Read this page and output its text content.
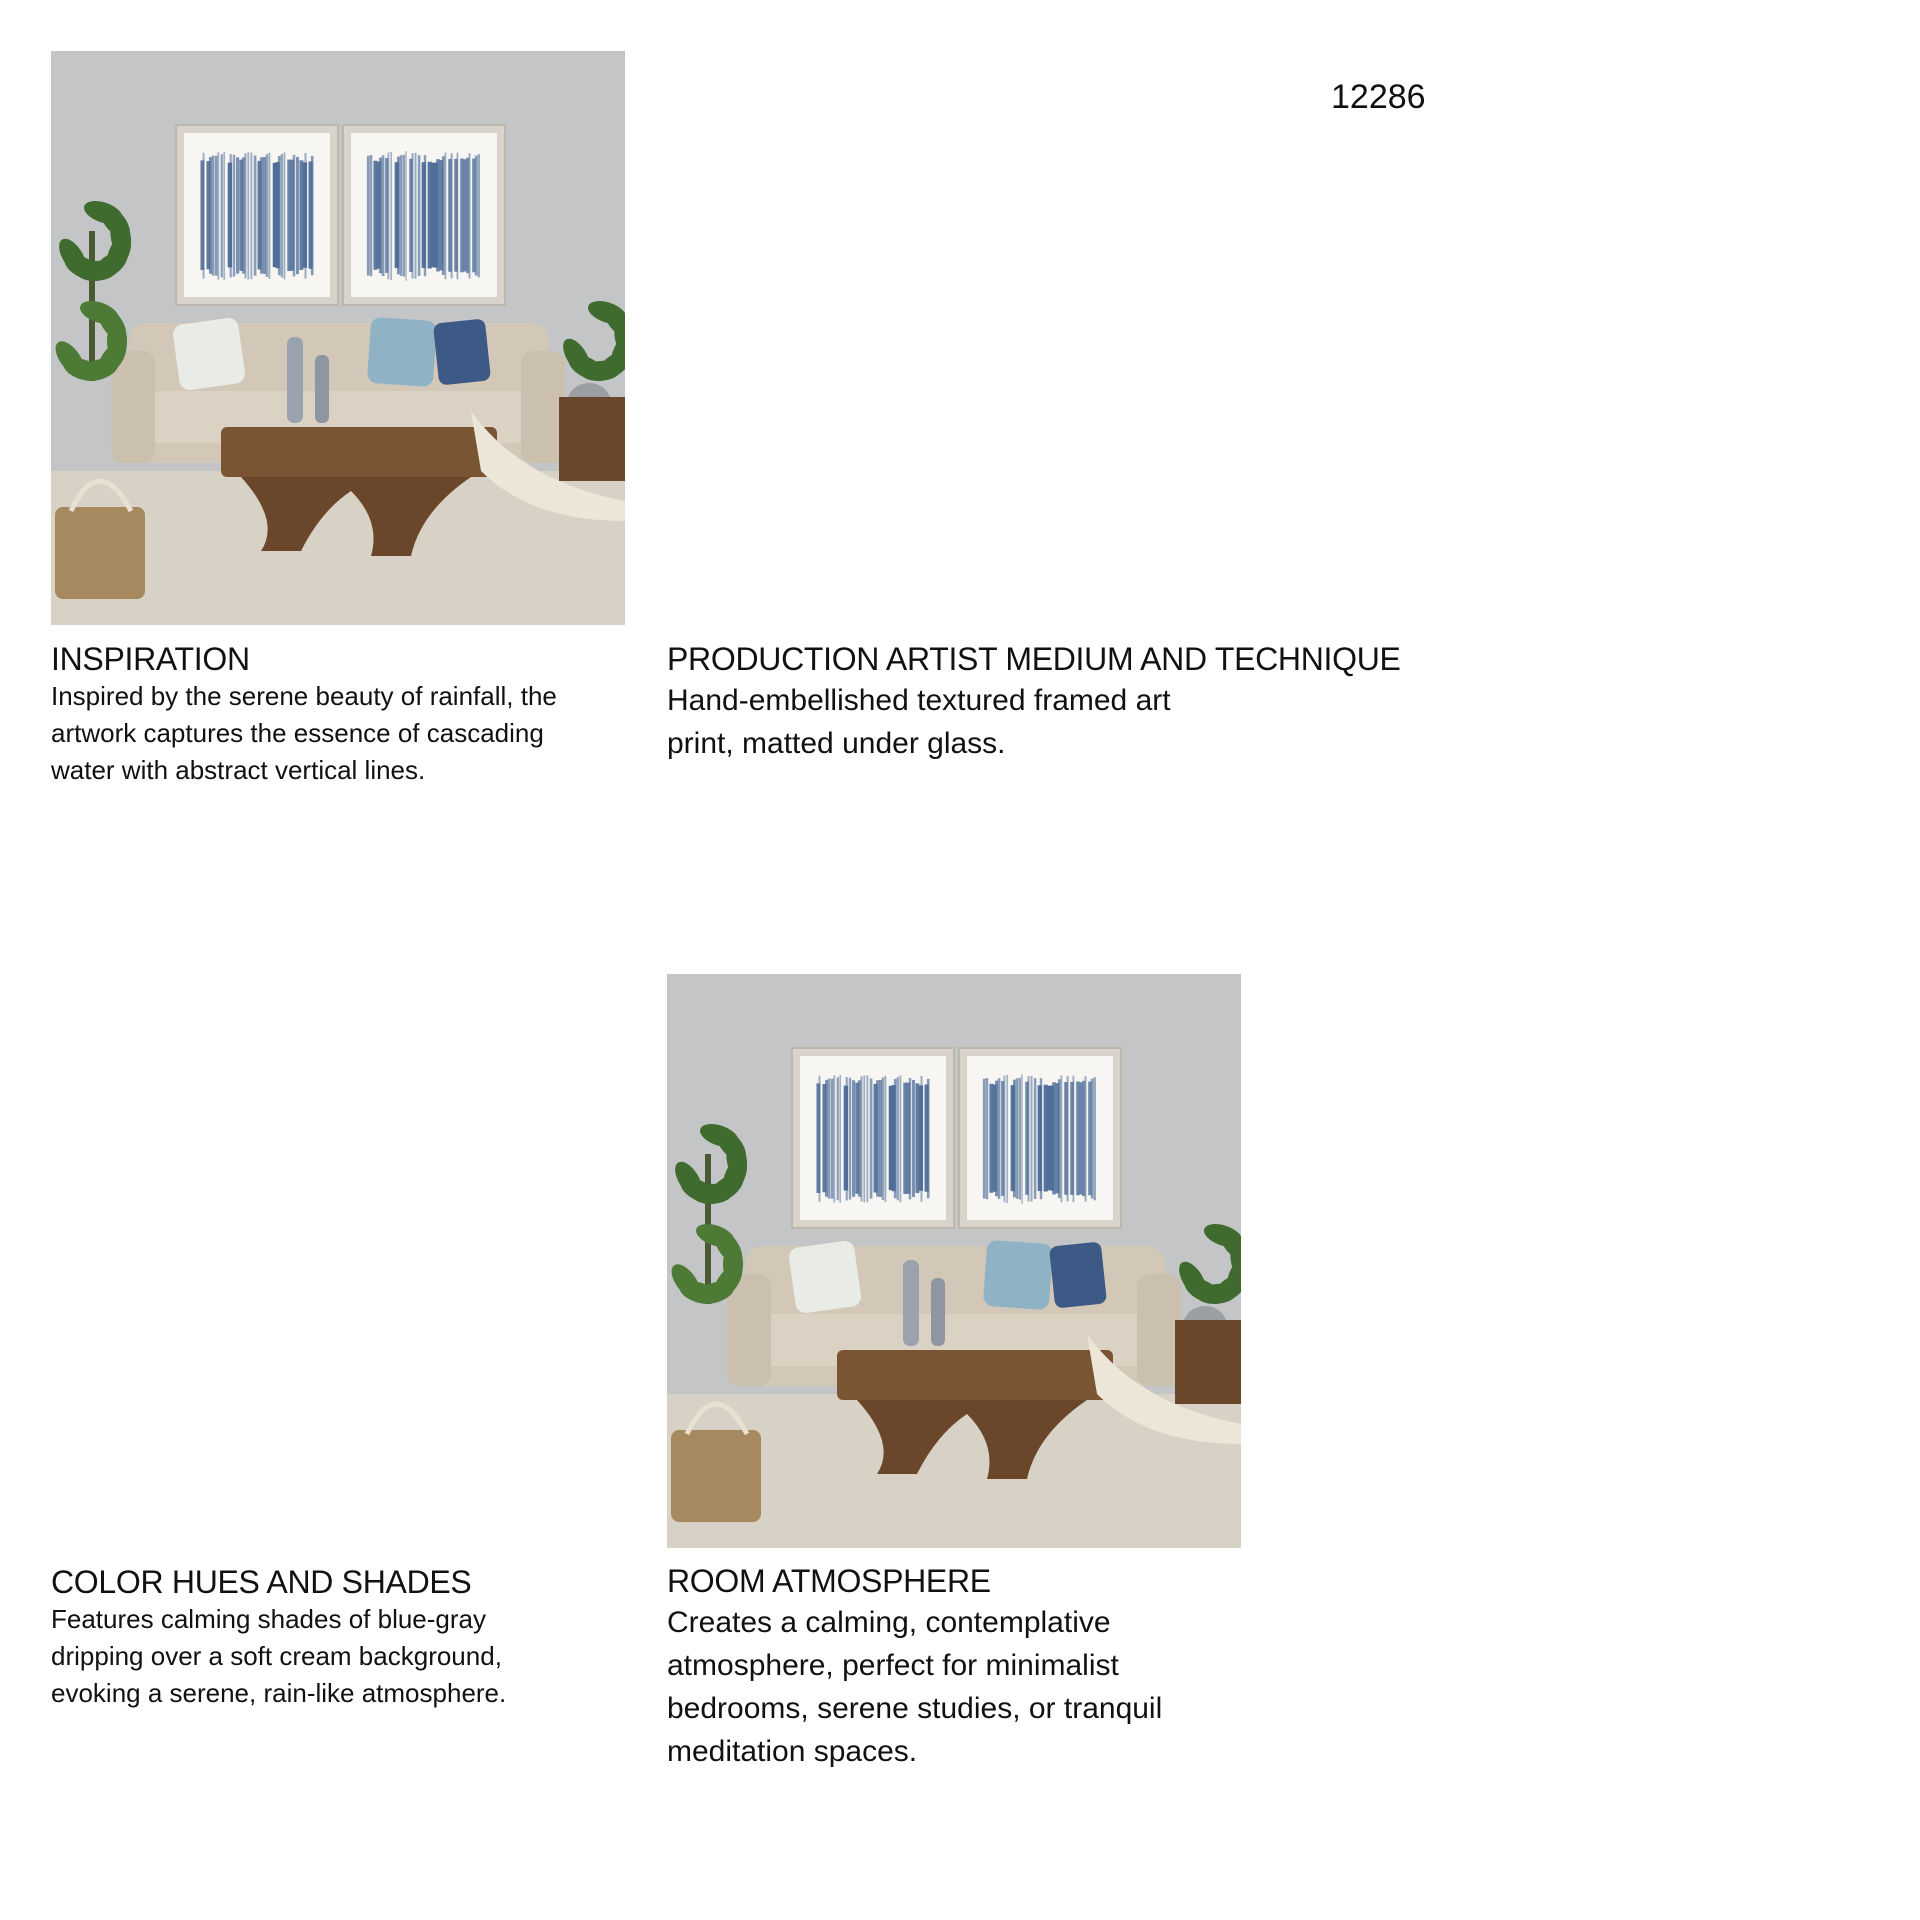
12286
INSPIRATION
Inspired by the serene beauty of rainfall, the
artwork captures the essence of cascading
water with abstract vertical lines.
PRODUCTION ARTIST MEDIUM AND TECHNIQUE
Hand-embellished textured framed art
print, matted under glass.
COLOR HUES AND SHADES
Features calming shades of blue-gray
dripping over a soft cream background,
evoking a serene, rain-like atmosphere.
ROOM ATMOSPHERE
Creates a calming, contemplative
atmosphere, perfect for minimalist
bedrooms, serene studies, or tranquil
meditation spaces.
